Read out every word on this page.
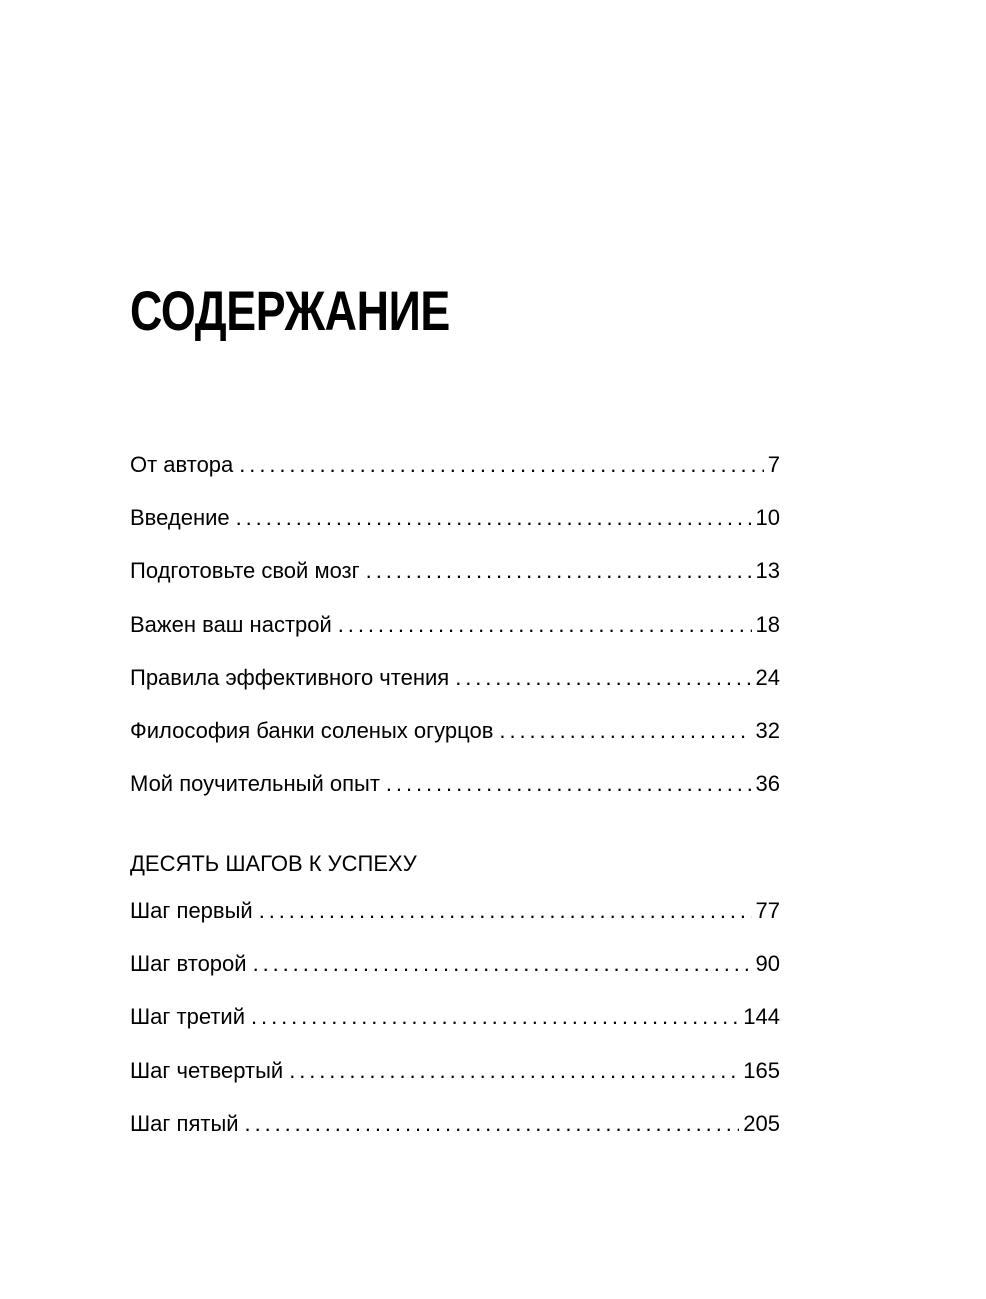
СОДЕРЖАНИЕ
От автора . . .	7
Введение . . .	10
Подготовьте свой мозг . . .	13
Важен ваш настрой . . .	18
Правила эффективного чтения . . .	24
Философия банки соленых огурцов . . .	32
Мой поучительный опыт . . .	36
ДЕСЯТЬ ШАГОВ К УСПЕХУ
Шаг первый . . .	77
Шаг второй . . .	90
Шаг третий . . .	144
Шаг четвертый . . .	165
Шаг пятый . . .	205
